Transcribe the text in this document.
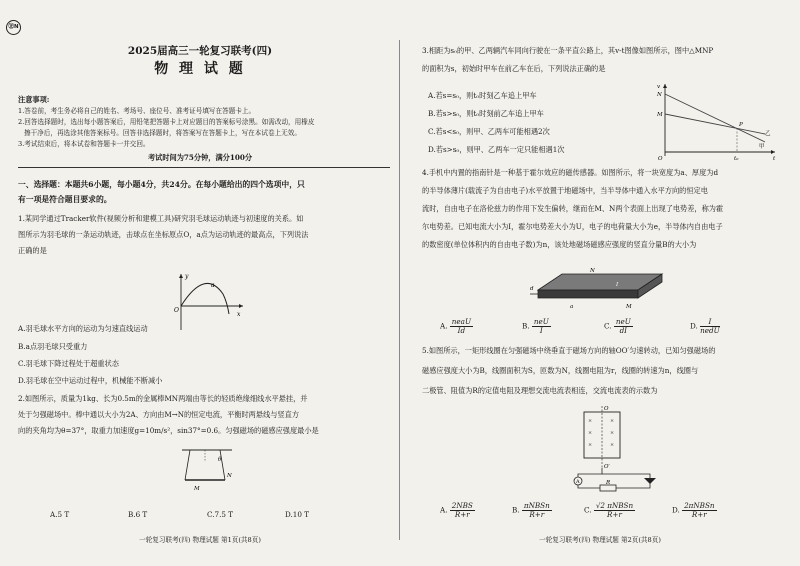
㊣N
2025届高三一轮复习联考(四)
物 理 试 题
注意事项:
1.答卷前，考生务必将自己的姓名、考场号、座位号、准考证号填写在答题卡上。
2.回答选择题时，选出每小题答案后，用铅笔把答题卡上对应题目的答案标号涂黑。如需改动，用橡皮
擦干净后，再选涂其他答案标号。回答非选择题时，将答案写在答题卡上，写在本试卷上无效。
3.考试结束后，将本试卷和答题卡一并交回。
考试时间为75分钟，满分100分
一、选择题：本题共6小题，每小题4分，共24分。在每小题给出的四个选项中，只
有一项是符合题目要求的。
1.某同学通过Tracker软件(视频分析和建模工具)研究羽毛球运动轨迹与初速度的关系。如
图所示为羽毛球的一条运动轨迹，击球点在坐标原点O，a点为运动轨迹的最高点，下列说法
正确的是
y
x
O
a
A.羽毛球水平方向的运动为匀速直线运动
B.a点羽毛球只受重力
C.羽毛球下降过程处于超重状态
D.羽毛球在空中运动过程中，机械能不断减小
2.如图所示，质量为1kg、长为0.5m的金属棒MN两端由等长的轻质绝缘细线水平悬挂，并
处于匀强磁场中。棒中通以大小为2A、方向由M→N的恒定电流，平衡时两悬线与竖直方
向的夹角均为θ=37°，取重力加速度g=10m/s²，sin37°=0.6。匀强磁场的磁感应强度最小是
θ
N
M
A.5 T	B.6 T	C.7.5 T	D.10 T
一轮复习联考(四) 物理试题 第1页(共8页)
3.相距为s₀的甲、乙两辆汽车同向行驶在一条平直公路上，其v-t图像如图所示，图中△MNP
的面积为s，初始时甲车在前乙车在后，下列说法正确的是
A.若s=s₀，则t₀时刻乙车追上甲车
B.若s>s₀，则t₀时刻前乙车追上甲车
C.若s<s₀，则甲、乙两车可能相遇2次
D.若s>s₀，则甲、乙两车一定只能相遇1次
v
t
O
N
M
P
t₀
甲
乙
4.手机中内置的指南针是一种基于霍尔效应的磁传感器。如图所示，将一块宽度为a、厚度为d
的半导体薄片(载流子为自由电子)水平放置于地磁场中，当半导体中通入水平方向的恒定电
流时，自由电子在洛伦兹力的作用下发生偏转，继而在M、N两个表面上出现了电势差，称为霍
尔电势差。已知电流大小为I，霍尔电势差大小为U，电子的电荷量大小为e，半导体内自由电子
的数密度(单位体积内的自由电子数)为n，该处地磁场磁感应强度的竖直分量B的大小为
N
M
a
d
I
A. neaU
Id	B. neU
I	C. neU
dI	D.	I
nedU
5.如图所示，一矩形线圈在匀强磁场中绕垂直于磁场方向的轴OO′匀速转动，已知匀强磁场的
磁感应强度大小为B，线圈面积为S，匝数为N，线圈电阻为r，线圈的转速为n，线圈与
二极管、阻值为R的定值电阻及理想交流电流表相连，交流电流表的示数为
×	×
×	×
×	×
O
O′
A	R
A. 2NBS
R+r	B. πNBSn
R+r	C. √2 πNBSn
R+r	D. 2πNBSn
R+r
一轮复习联考(四) 物理试题 第2页(共8页)
